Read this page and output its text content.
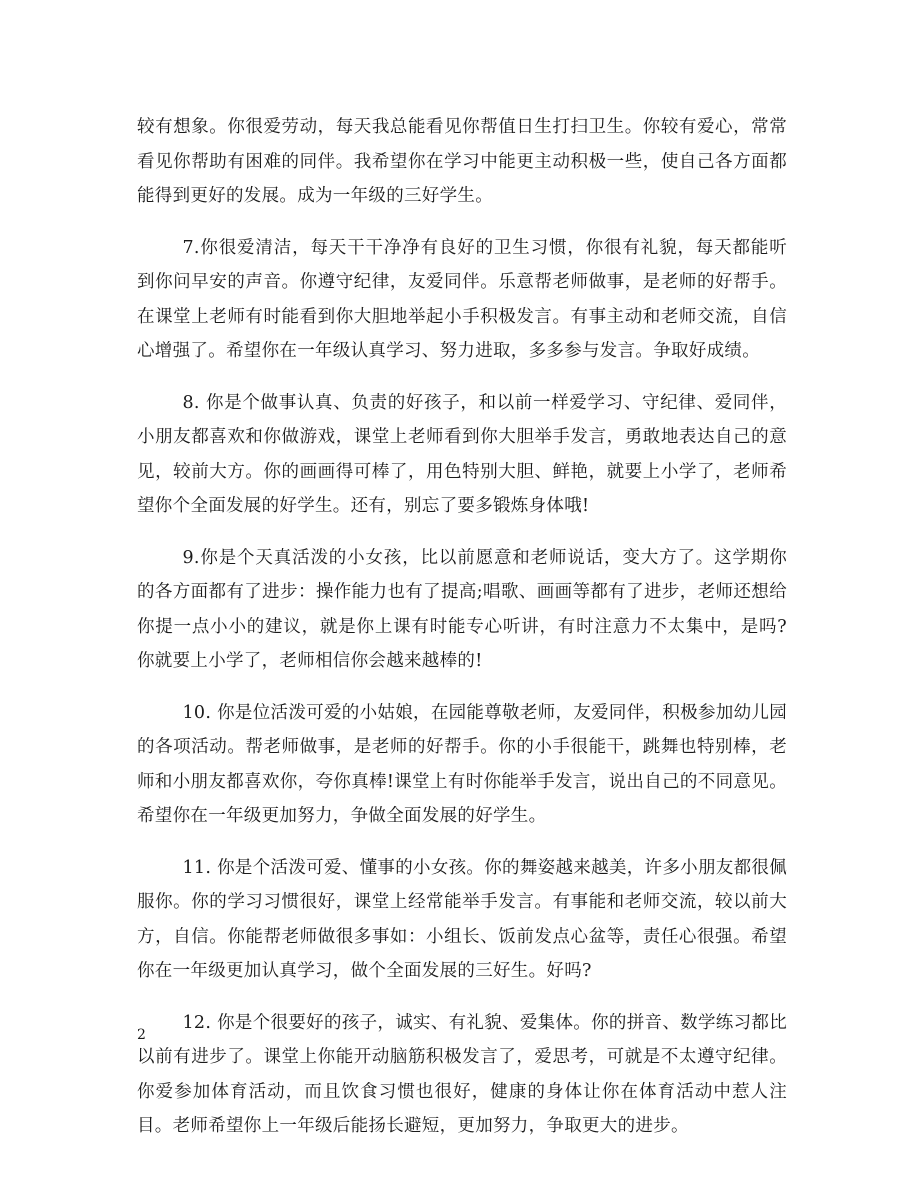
较有想象。你很爱劳动，每天我总能看见你帮值日生打扫卫生。你较有爱心，常常看见你帮助有困难的同伴。我希望你在学习中能更主动积极一些，使自己各方面都能得到更好的发展。成为一年级的三好学生。

7.你很爱清洁，每天干干净净有良好的卫生习惯，你很有礼貌，每天都能听到你问早安的声音。你遵守纪律，友爱同伴。乐意帮老师做事，是老师的好帮手。在课堂上老师有时能看到你大胆地举起小手积极发言。有事主动和老师交流，自信心增强了。希望你在一年级认真学习、努力进取，多多参与发言。争取好成绩。

8. 你是个做事认真、负责的好孩子，和以前一样爱学习、守纪律、爱同伴，小朋友都喜欢和你做游戏，课堂上老师看到你大胆举手发言，勇敢地表达自己的意见，较前大方。你的画画得可棒了，用色特别大胆、鲜艳，就要上小学了，老师希望你个全面发展的好学生。还有，别忘了要多锻炼身体哦!

9.你是个天真活泼的小女孩，比以前愿意和老师说话，变大方了。这学期你的各方面都有了进步：操作能力也有了提高;唱歌、画画等都有了进步，老师还想给你提一点小小的建议，就是你上课有时能专心听讲，有时注意力不太集中，是吗?你就要上小学了，老师相信你会越来越棒的!

10. 你是位活泼可爱的小姑娘，在园能尊敬老师，友爱同伴，积极参加幼儿园的各项活动。帮老师做事，是老师的好帮手。你的小手很能干，跳舞也特别棒，老师和小朋友都喜欢你，夸你真棒!课堂上有时你能举手发言，说出自己的不同意见。希望你在一年级更加努力，争做全面发展的好学生。

11. 你是个活泼可爱、懂事的小女孩。你的舞姿越来越美，许多小朋友都很佩服你。你的学习习惯很好，课堂上经常能举手发言。有事能和老师交流，较以前大方，自信。你能帮老师做很多事如：小组长、饭前发点心盆等，责任心很强。希望你在一年级更加认真学习，做个全面发展的三好生。好吗?

12. 你是个很要好的孩子，诚实、有礼貌、爱集体。你的拼音、数学练习都比以前有进步了。课堂上你能开动脑筋积极发言了，爱思考，可就是不太遵守纪律。你爱参加体育活动，而且饮食习惯也很好，健康的身体让你在体育活动中惹人注目。老师希望你上一年级后能扬长避短，更加努力，争取更大的进步。

2
